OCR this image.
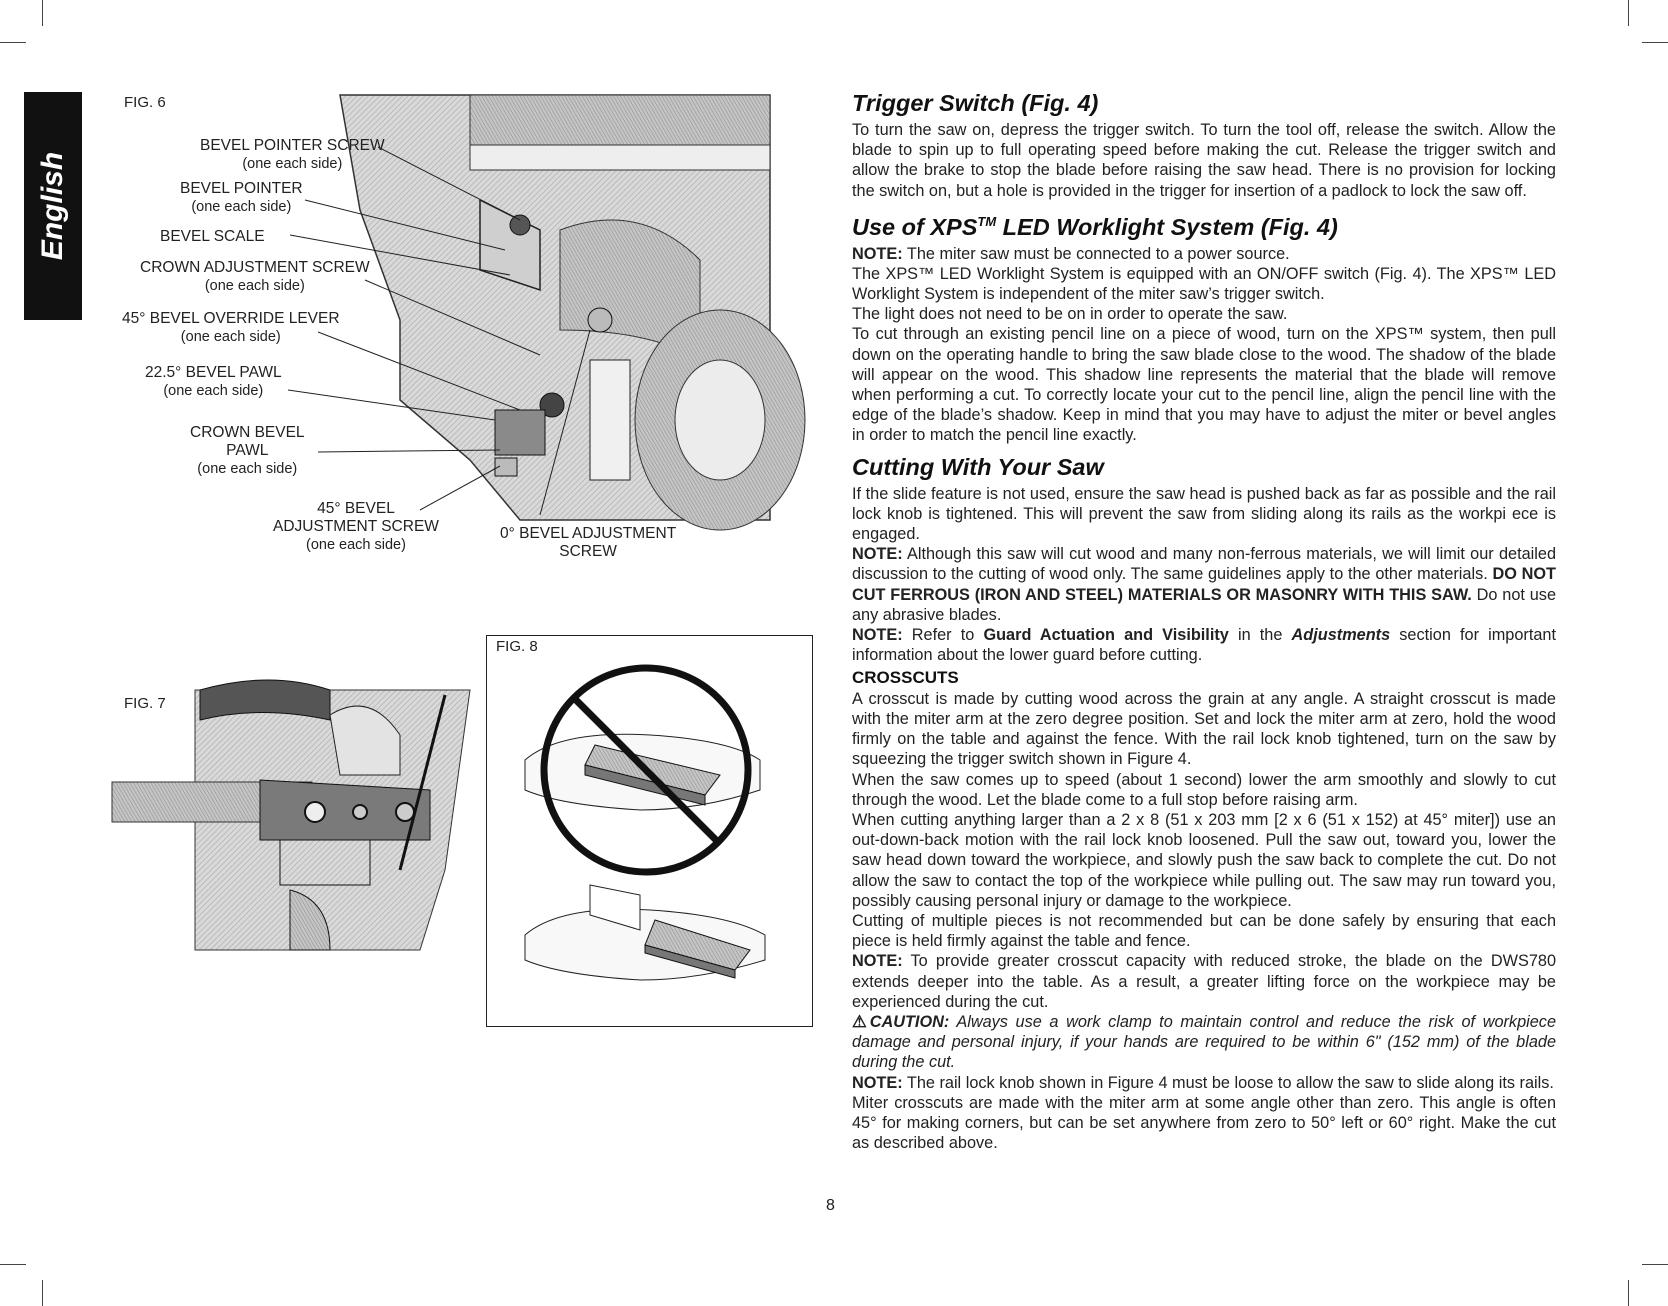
English
FIG. 6
BEVEL POINTER SCREW
(one each side)
BEVEL POINTER
(one each side)
BEVEL SCALE
CROWN ADJUSTMENT SCREW
(one each side)
45° BEVEL OVERRIDE LEVER
(one each side)
22.5° BEVEL PAWL
(one each side)
CROWN BEVEL
PAWL
(one each side)
45° BEVEL
ADJUSTMENT SCREW
(one each side)
0° BEVEL ADJUSTMENT
SCREW
FIG. 7
FIG. 8
Trigger Switch (Fig. 4)

To turn the saw on, depress the trigger switch. To turn the tool off, release the switch. Allow the blade to spin up to full operating speed before making the cut. Release the trigger switch and allow the brake to stop the blade before raising the saw head. There is no provision for locking the switch on, but a hole is provided in the trigger for insertion of a padlock to lock the saw off.

Use of XPS™ LED Worklight System (Fig. 4)

NOTE: The miter saw must be connected to a power source.

The XPS™ LED Worklight System is equipped with an ON/OFF switch (Fig. 4). The XPS™ LED Worklight System is independent of the miter saw’s trigger switch.

The light does not need to be on in order to operate the saw.

To cut through an existing pencil line on a piece of wood, turn on the XPS™ system, then pull down on the operating handle to bring the saw blade close to the wood. The shadow of the blade will appear on the wood. This shadow line represents the material that the blade will remove when performing a cut. To correctly locate your cut to the pencil line, align the pencil line with the edge of the blade’s shadow. Keep in mind that you may have to adjust the miter or bevel angles in order to match the pencil line exactly.

Cutting With Your Saw

If the slide feature is not used, ensure the saw head is pushed back as far as possible and the rail lock knob is tightened. This will prevent the saw from sliding along its rails as the workpi ece is engaged.

NOTE: Although this saw will cut wood and many non-ferrous materials, we will limit our detailed discussion to the cutting of wood only. The same guidelines apply to the other materials. DO NOT CUT FERROUS (IRON AND STEEL) MATERIALS OR MASONRY WITH THIS SAW. Do not use any abrasive blades.

NOTE: Refer to Guard Actuation and Visibility in the Adjustments section for important information about the lower guard before cutting.

CROSSCUTS

A crosscut is made by cutting wood across the grain at any angle. A straight crosscut is made with the miter arm at the zero degree position. Set and lock the miter arm at zero, hold the wood firmly on the table and against the fence. With the rail lock knob tightened, turn on the saw by squeezing the trigger switch shown in Figure 4.

When the saw comes up to speed (about 1 second) lower the arm smoothly and slowly to cut through the wood. Let the blade come to a full stop before raising arm.

When cutting anything larger than a 2 x 8 (51 x 203 mm [2 x 6 (51 x 152) at 45° miter]) use an out-down-back motion with the rail lock knob loosened. Pull the saw out, toward you, lower the saw head down toward the workpiece, and slowly push the saw back to complete the cut. Do not allow the saw to contact the top of the workpiece while pulling out. The saw may run toward you, possibly causing personal injury or damage to the workpiece.

Cutting of multiple pieces is not recommended but can be done safely by ensuring that each piece is held firmly against the table and fence.

NOTE: To provide greater crosscut capacity with reduced stroke, the blade on the DWS780 extends deeper into the table. As a result, a greater lifting force on the workpiece may be experienced during the cut.

⚠CAUTION: Always use a work clamp to maintain control and reduce the risk of workpiece damage and personal injury, if your hands are required to be within 6" (152 mm) of the blade during the cut.

NOTE: The rail lock knob shown in Figure 4 must be loose to allow the saw to slide along its rails.

Miter crosscuts are made with the miter arm at some angle other than zero. This angle is often 45° for making corners, but can be set anywhere from zero to 50° left or 60° right. Make the cut as described above.

8
